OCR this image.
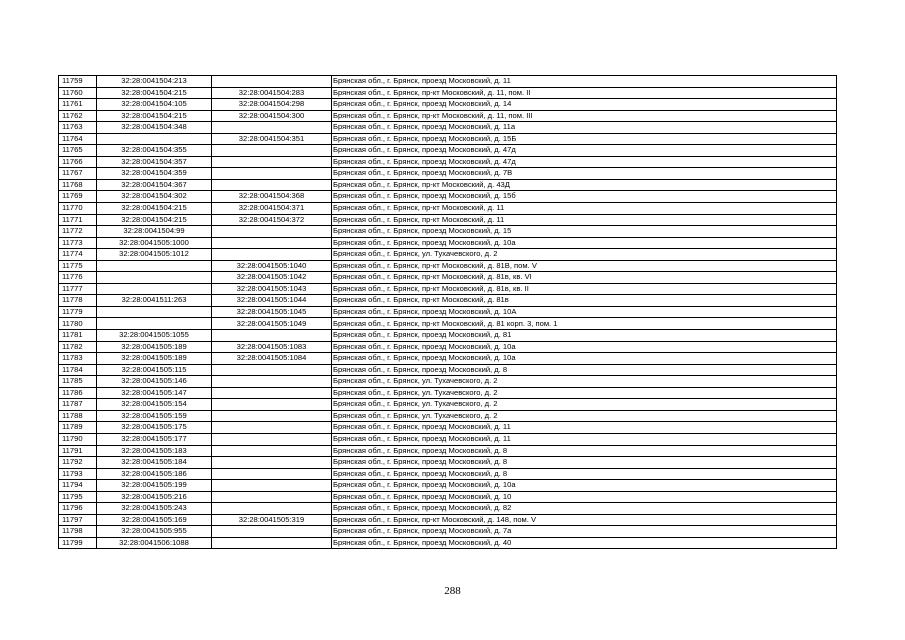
11759	32:28:0041504:213		Брянская обл., г. Брянск, проезд Московский, д. 11
11760	32:28:0041504:215	32:28:0041504:283	Брянская обл., г. Брянск, пр-кт Московский, д. 11, пом. II
11761	32:28:0041504:105	32:28:0041504:298	Брянская обл., г. Брянск, проезд Московский, д. 14
11762	32:28:0041504:215	32:28:0041504:300	Брянская обл., г. Брянск, пр-кт Московский, д. 11, пом. III
11763	32:28:0041504:348		Брянская обл., г. Брянск, проезд Московский, д. 11а
11764		32:28:0041504:351	Брянская обл., г. Брянск, проезд Московский, д. 15Б
11765	32:28:0041504:355		Брянская обл., г. Брянск, проезд Московский, д. 47д
11766	32:28:0041504:357		Брянская обл., г. Брянск, проезд Московский, д. 47д
11767	32:28:0041504:359		Брянская обл., г. Брянск, проезд Московский, д. 7В
11768	32:28:0041504:367		Брянская обл., г. Брянск, пр-кт Московский, д. 43Д
11769	32:28:0041504:302	32:28:0041504:368	Брянская обл., г. Брянск, проезд Московский, д. 15б
11770	32:28:0041504:215	32:28:0041504:371	Брянская обл., г. Брянск, пр-кт Московский, д. 11
11771	32:28:0041504:215	32:28:0041504:372	Брянская обл., г. Брянск, пр-кт Московский, д. 11
11772	32:28:0041504:99		Брянская обл., г. Брянск, проезд Московский, д. 15
11773	32:28:0041505:1000		Брянская обл., г. Брянск, проезд Московский, д. 10а
11774	32:28:0041505:1012		Брянская обл., г. Брянск, ул. Тухачевского, д. 2
11775		32:28:0041505:1040	Брянская обл., г. Брянск, пр-кт Московский, д. 81В, пом. V
11776		32:28:0041505:1042	Брянская обл., г. Брянск, пр-кт Московский, д. 81в, кв. VI
11777		32:28:0041505:1043	Брянская обл., г. Брянск, пр-кт Московский, д. 81в, кв. II
11778	32:28:0041511:263	32:28:0041505:1044	Брянская обл., г. Брянск, пр-кт Московский, д. 81в
11779		32:28:0041505:1045	Брянская обл., г. Брянск, проезд Московский, д. 10А
11780		32:28:0041505:1049	Брянская обл., г. Брянск, пр-кт Московский, д. 81 корп. 3, пом. 1
11781	32:28:0041505:1055		Брянская обл., г. Брянск, проезд Московский, д. 81
11782	32:28:0041505:189	32:28:0041505:1083	Брянская обл., г. Брянск, проезд Московский, д. 10а
11783	32:28:0041505:189	32:28:0041505:1084	Брянская обл., г. Брянск, проезд Московский, д. 10а
11784	32:28:0041505:115		Брянская обл., г. Брянск, проезд Московский, д. 8
11785	32:28:0041505:146		Брянская обл., г. Брянск, ул. Тухачевского, д. 2
11786	32:28:0041505:147		Брянская обл., г. Брянск, ул. Тухачевского, д. 2
11787	32:28:0041505:154		Брянская обл., г. Брянск, ул. Тухачевского, д. 2
11788	32:28:0041505:159		Брянская обл., г. Брянск, ул. Тухачевского, д. 2
11789	32:28:0041505:175		Брянская обл., г. Брянск, проезд Московский, д. 11
11790	32:28:0041505:177		Брянская обл., г. Брянск, проезд Московский, д. 11
11791	32:28:0041505:183		Брянская обл., г. Брянск, проезд Московский, д. 8
11792	32:28:0041505:184		Брянская обл., г. Брянск, проезд Московский, д. 8
11793	32:28:0041505:186		Брянская обл., г. Брянск, проезд Московский, д. 8
11794	32:28:0041505:199		Брянская обл., г. Брянск, проезд Московский, д. 10а
11795	32:28:0041505:216		Брянская обл., г. Брянск, проезд Московский, д. 10
11796	32:28:0041505:243		Брянская обл., г. Брянск, проезд Московский, д. 82
11797	32:28:0041505:169	32:28:0041505:319	Брянская обл., г. Брянск, пр-кт Московский, д. 148, пом. V
11798	32:28:0041505:955		Брянская обл., г. Брянск, проезд Московский, д. 7а
11799	32:28:0041506:1088		Брянская обл., г. Брянск, проезд Московский, д. 40
288
